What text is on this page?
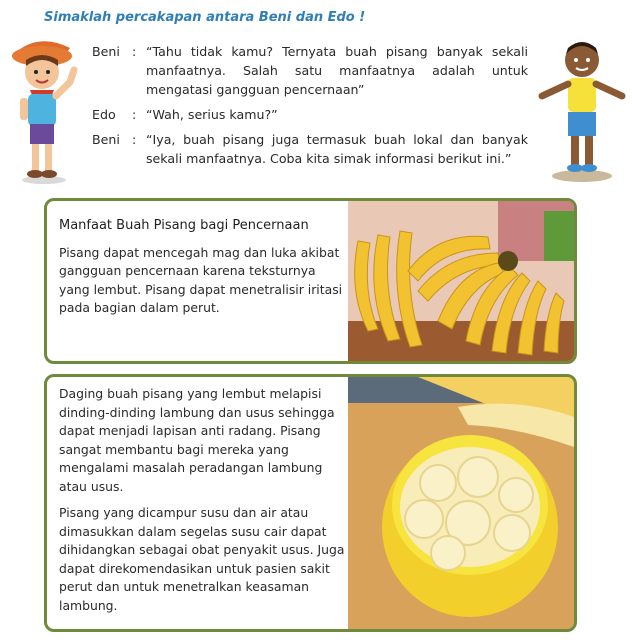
Simaklah percakapan antara Beni dan Edo !
Beni : “Tahu tidak kamu? Ternyata buah pisang banyak sekali manfaatnya. Salah satu manfaatnya adalah untuk mengatasi gangguan pencernaan”
Edo	: “Wah, serius kamu?”
Beni : “Iya, buah pisang juga termasuk buah lokal dan banyak sekali manfaatnya. Coba kita simak informasi berikut ini.”
Manfaat Buah Pisang bagi Pencernaan
Pisang dapat mencegah mag dan luka akibat gangguan pencernaan karena teksturnya yang lembut. Pisang dapat menetralisir iritasi pada bagian dalam perut.

Daging buah pisang yang lembut melapisi dinding-dinding lambung dan usus sehingga dapat menjadi lapisan anti radang. Pisang sangat membantu bagi mereka yang mengalami masalah peradangan lambung atau usus.

Pisang yang dicampur susu dan air atau dimasukkan dalam segelas susu cair dapat dihidangkan sebagai obat penyakit usus. Juga dapat direkomendasikan untuk pasien sakit perut dan untuk menetralkan keasaman lambung.
